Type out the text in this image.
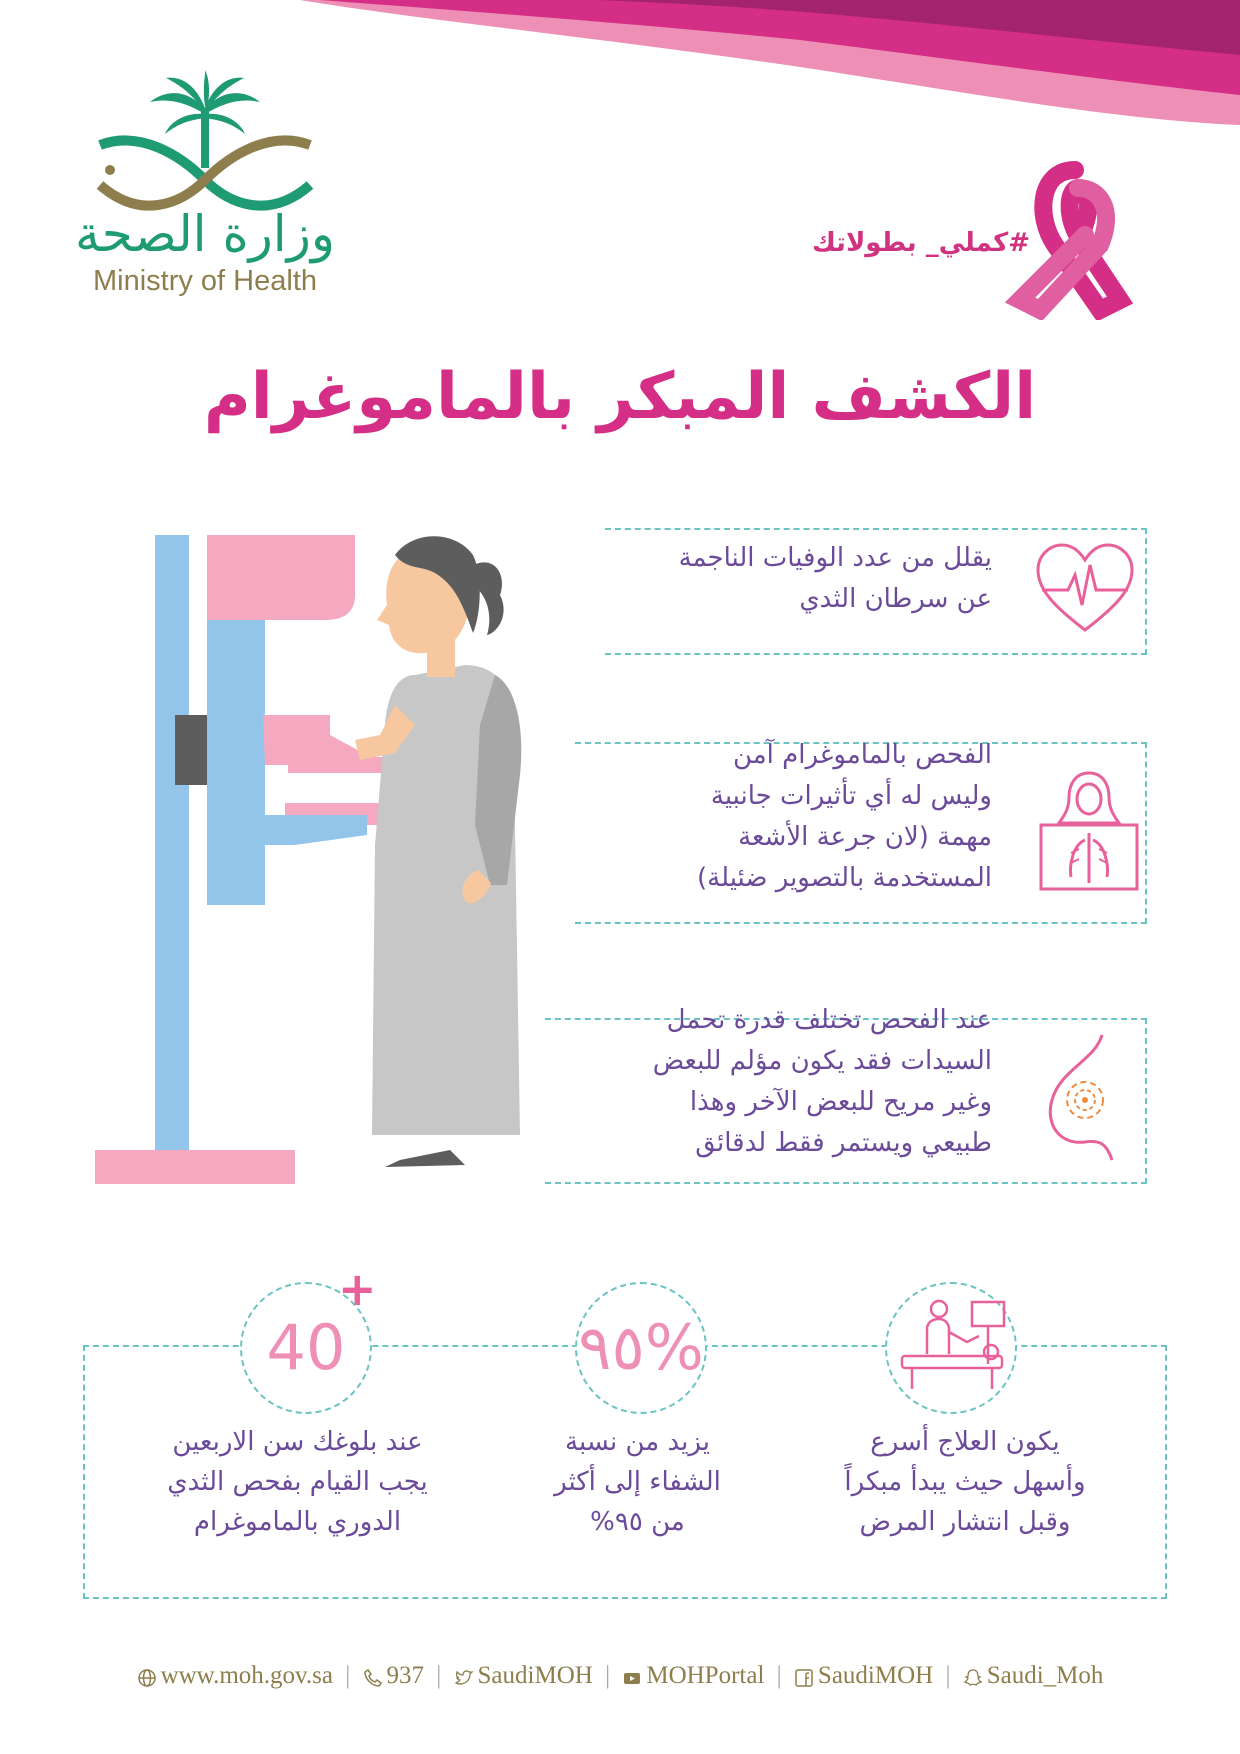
وزارة الصحة
Ministry of Health
#كملي_ بطولاتك
الكشف المبكر بالماموغرام
يقلل من عدد الوفيات الناجمة
عن سرطان الثدي
الفحص بالماموغرام آمن
وليس له أي تأثيرات جانبية
مهمة (لان جرعة الأشعة
المستخدمة بالتصوير ضئيلة)
عند الفحص تختلف قدرة تحمل
السيدات فقد يكون مؤلم للبعض
وغير مريح للبعض الآخر وهذا
طبيعي ويستمر فقط لدقائق
٩٥%
40
+
يكون العلاج أسرع
وأسهل حيث يبدأ مبكراً
وقبل انتشار المرض
يزيد من نسبة
الشفاء إلى أكثر
من ٩٥%
عند بلوغك سن الاربعين
يجب القيام بفحص الثدي
الدوري بالماموغرام
www.moh.gov.sa | 937 | SaudiMOH | MOHPortal | SaudiMOH | Saudi_Moh
